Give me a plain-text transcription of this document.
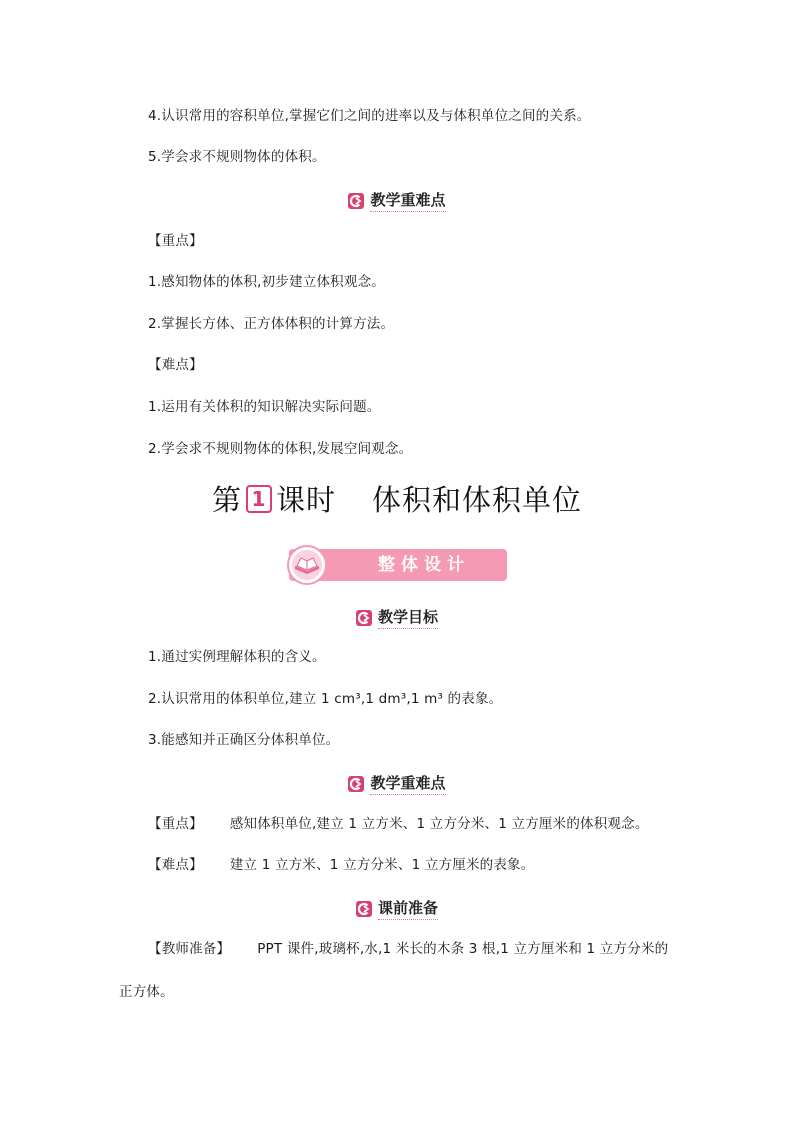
4.认识常用的容积单位,掌握它们之间的进率以及与体积单位之间的关系。
5.学会求不规则物体的体积。
教学重难点
【重点】
1.感知物体的体积,初步建立体积观念。
2.掌握长方体、正方体体积的计算方法。
【难点】
1.运用有关体积的知识解决实际问题。
2.学会求不规则物体的体积,发展空间观念。
第 1 课时 体积和体积单位
整体设计
教学目标
1.通过实例理解体积的含义。
2.认识常用的体积单位,建立 1 cm³,1 dm³,1 m³ 的表象。
3.能感知并正确区分体积单位。
教学重难点
【重点】 感知体积单位,建立 1 立方米、1 立方分米、1 立方厘米的体积观念。
【难点】 建立 1 立方米、1 立方分米、1 立方厘米的表象。
课前准备
【教师准备】 PPT 课件,玻璃杯,水,1 米长的木条 3 根,1 立方厘米和 1 立方分米的
正方体。
